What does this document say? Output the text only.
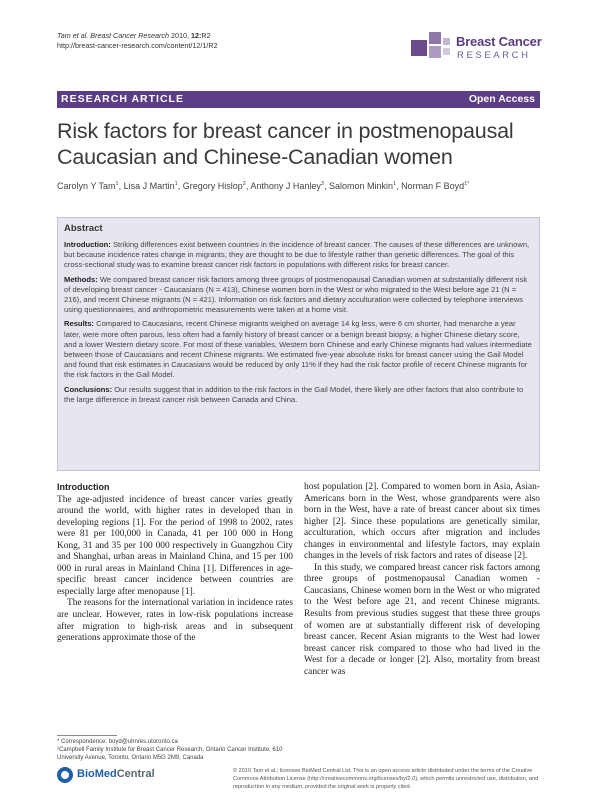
Tam et al. Breast Cancer Research 2010, 12:R2
http://breast-cancer-research.com/content/12/1/R2	Breast Cancer
RESEARCH
RESEARCH ARTICLE	Open Access
Risk factors for breast cancer in postmenopausal Caucasian and Chinese-Canadian women
Carolyn Y Tam$^1$, Lisa J Martin$^1$, Gregory Hislop$^2$, Anthony J Hanley$^3$, Salomon Minkin$^1$, Norman F Boyd$^{1*}$
Abstract

Introduction: Striking differences exist between countries in the incidence of breast cancer. The causes of these differences are unknown, but because incidence rates change in migrants, they are thought to be due to lifestyle rather than genetic differences. The goal of this cross-sectional study was to examine breast cancer risk factors in populations with different risks for breast cancer.

Methods: We compared breast cancer risk factors among three groups of postmenopausal Canadian women at substantially different risk of developing breast cancer - Caucasians (N = 413), Chinese women born in the West or who migrated to the West before age 21 (N = 216), and recent Chinese migrants (N = 421). Information on risk factors and dietary acculturation were collected by telephone interviews using questionnaires, and anthropometric measurements were taken at a home visit.

Results: Compared to Caucasians, recent Chinese migrants weighed on average 14 kg less, were 6 cm shorter, had menarche a year later, were more often parous, less often had a family history of breast cancer or a benign breast biopsy, a higher Chinese dietary score, and a lower Western dietary score. For most of these variables, Western born Chinese and early Chinese migrants had values intermediate between those of Caucasians and recent Chinese migrants. We estimated five-year absolute risks for breast cancer using the Gail Model and found that risk estimates in Caucasians would be reduced by only 11% if they had the risk factor profile of recent Chinese migrants for the risk factors in the Gail Model.

Conclusions: Our results suggest that in addition to the risk factors in the Gail Model, there likely are other factors that also contribute to the large difference in breast cancer risk between Canada and China.

Introduction

The age-adjusted incidence of breast cancer varies greatly around the world, with higher rates in developed than in developing regions [1]. For the period of 1998 to 2002, rates were 81 per 100,000 in Canada, 41 per 100 000 in Hong Kong, 31 and 35 per 100 000 respectively in Guangzhou City and Shanghai, urban areas in Mainland China, and 15 per 100 000 in rural areas in Mainland China [1]. Differences in age-specific breast cancer incidence between countries are especially large after menopause [1].

The reasons for the international variation in incidence rates are unclear. However, rates in low-risk populations increase after migration to high-risk areas and in subsequent generations approximate those of the

host population [2]. Compared to women born in Asia, Asian-Americans born in the West, whose grandparents were also born in the West, have a rate of breast cancer about six times higher [2]. Since these populations are genetically similar, acculturation, which occurs after migration and includes changes in environmental and lifestyle factors, may explain changes in the levels of risk factors and rates of disease [2].

In this study, we compared breast cancer risk factors among three groups of postmenopausal Canadian women - Caucasians, Chinese women born in the West or who migrated to the West before age 21, and recent Chinese migrants. Results from previous studies suggest that these three groups of women are at substantially different risk of developing breast cancer. Recent Asian migrants to the West had lower breast cancer risk compared to those who had lived in the West for a decade or longer [2]. Also, mortality from breast cancer was

* Correspondence: boyd@uhnres.utoronto.ca
¹Campbell Family Institute for Breast Cancer Research, Ontario Cancer Institute, 610 University Avenue, Toronto, Ontario M5G 2M9, Canada
BioMedCentral	© 2010 Tam et al.; licensee BioMed Central Ltd. This is an open access article distributed under the terms of the Creative Commons Attribution License (http://creativecommons.org/licenses/by/2.0), which permits unrestricted use, distribution, and reproduction in any medium, provided the original work is properly cited.
